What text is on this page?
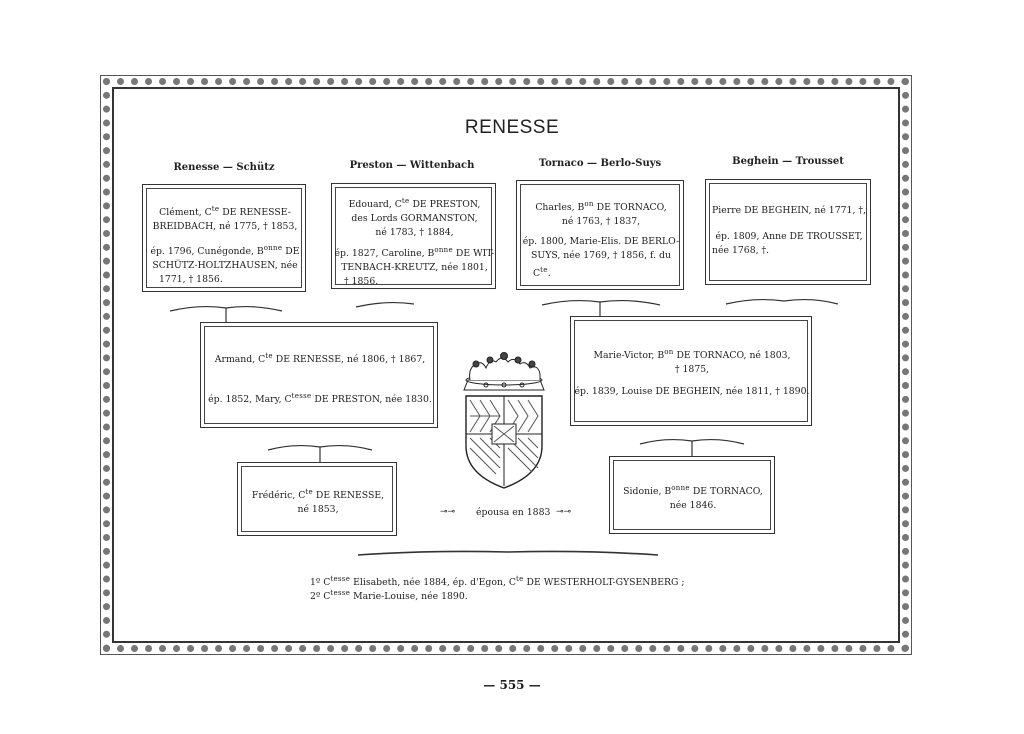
RENESSE
Renesse — Schütz	Preston — Wittenbach	Tornaco — Berlo-Suys	Beghein — Trousset
Clément, $C^{te}$ DE RENESSE-
BREIDBACH, né 1775, † 1853,
ép. 1796, Cunégonde, $B^{onne}$ DE
SCHÜTZ-HOLTZHAUSEN, née
1771, † 1856.
Edouard, $C^{te}$ DE PRESTON,
des Lords GORMANSTON,
né 1783, † 1884,
ép. 1827, Caroline, $B^{onne}$ DE WIT-
TENBACH-KREUTZ, née 1801,
† 1856.
Charles, $B^{on}$ DE TORNACO,
né 1763, † 1837,
ép. 1800, Marie-Elis. DE BERLO-
SUYS, née 1769, † 1856, f. du
$C^{te}$.
Pierre DE BEGHEIN, né 1771, †,
ép. 1809, Anne DE TROUSSET,
née 1768, †.
Armand, $C^{te}$ DE RENESSE, né 1806, † 1867,
ép. 1852, Mary, $C^{tesse}$ DE PRESTON, née 1830.
Marie-Victor, $B^{on}$ DE TORNACO, né 1803,
† 1875,
ép. 1839, Louise DE BEGHEIN, née 1811, † 1890.
Frédéric, $C^{te}$ DE RENESSE,
né 1853,
Sidonie, $B^{onne}$ DE TORNACO,
née 1846.
⊸⊸ épousa en 1883 ⊸⊸
1º $C^{tesse}$ Elisabeth, née 1884, ép. d'Egon, $C^{te}$ DE WESTERHOLT-GYSENBERG ;
2º $C^{tesse}$ Marie-Louise, née 1890.
— 555 —
